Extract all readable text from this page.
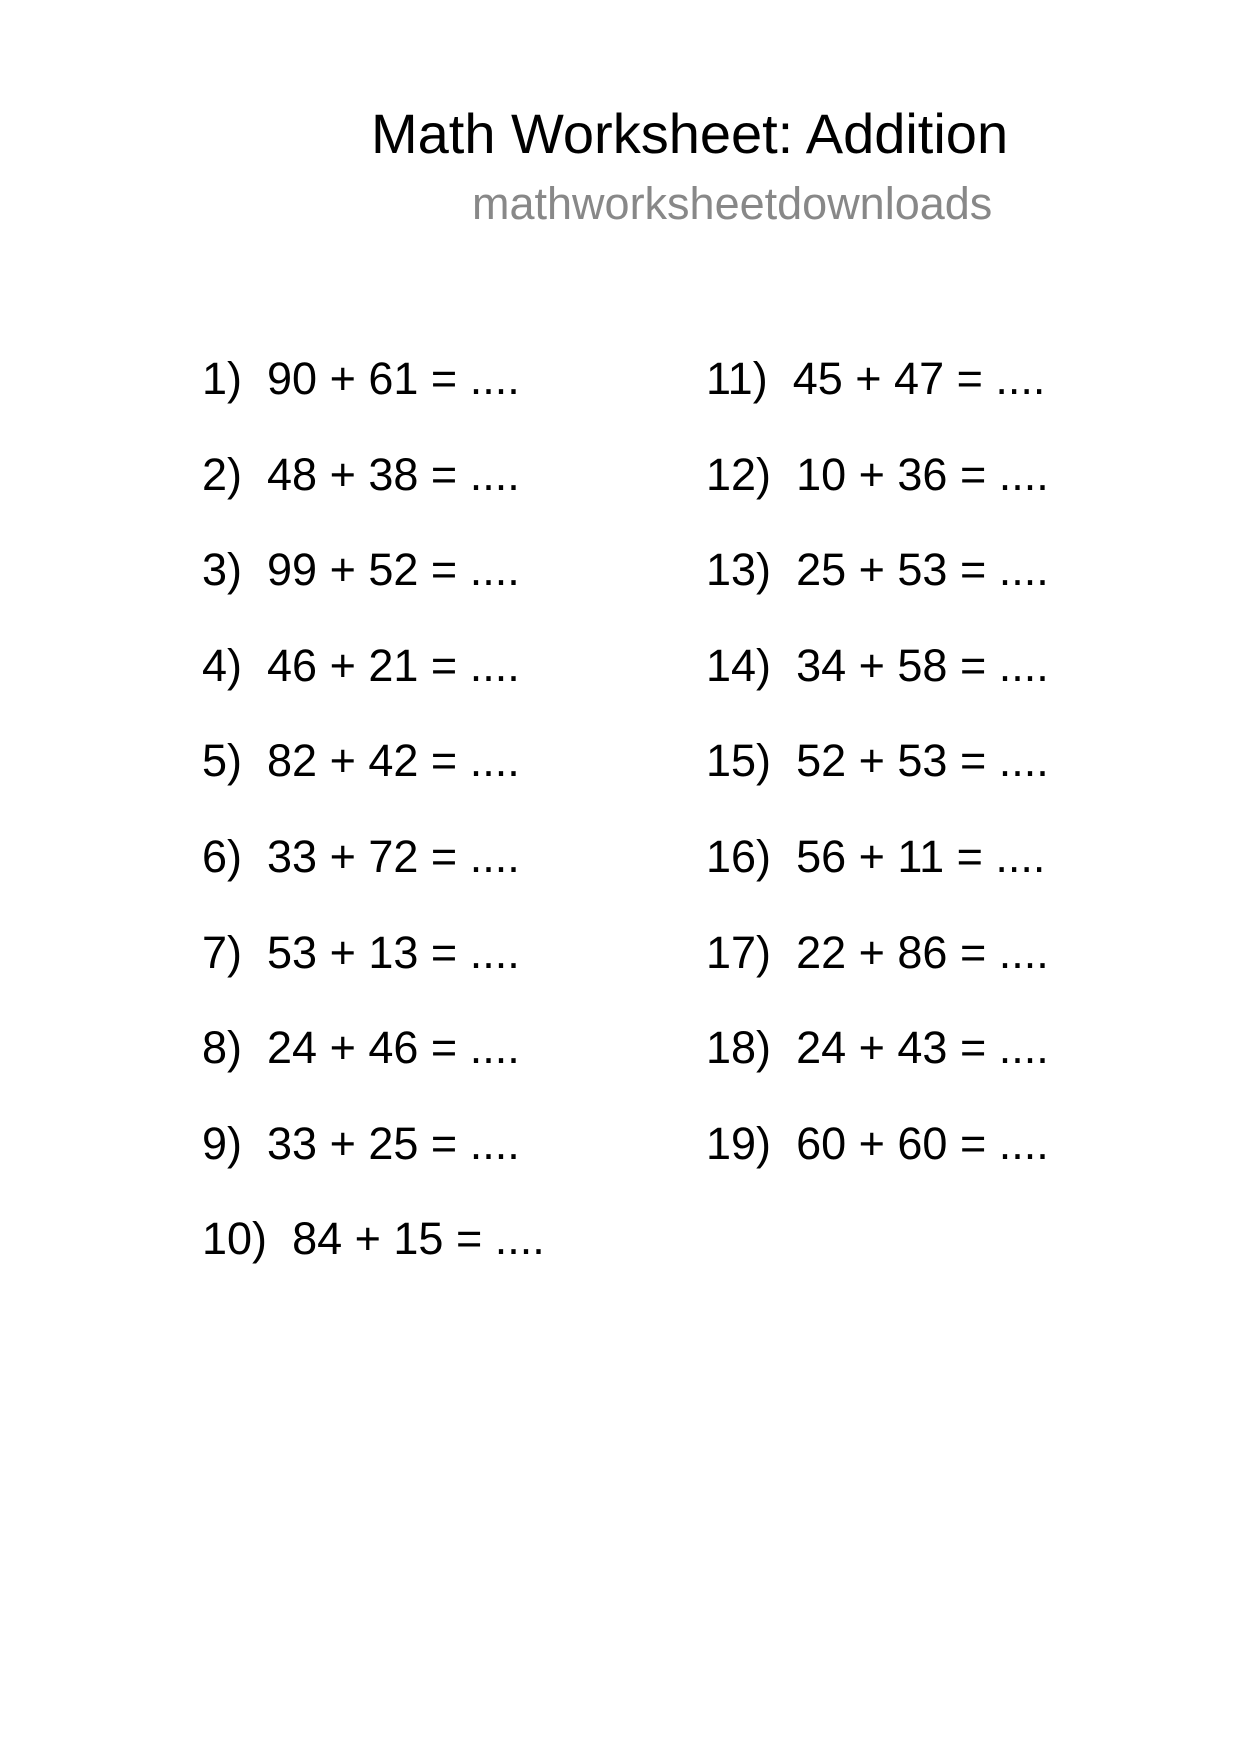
Math Worksheet: Addition
mathworksheetdownloads
1) 90 + 61 = ....
2) 48 + 38 = ....
3) 99 + 52 = ....
4) 46 + 21 = ....
5) 82 + 42 = ....
6) 33 + 72 = ....
7) 53 + 13 = ....
8) 24 + 46 = ....
9) 33 + 25 = ....
10) 84 + 15 = ....
11) 45 + 47 = ....
12) 10 + 36 = ....
13) 25 + 53 = ....
14) 34 + 58 = ....
15) 52 + 53 = ....
16) 56 + 11 = ....
17) 22 + 86 = ....
18) 24 + 43 = ....
19) 60 + 60 = ....
